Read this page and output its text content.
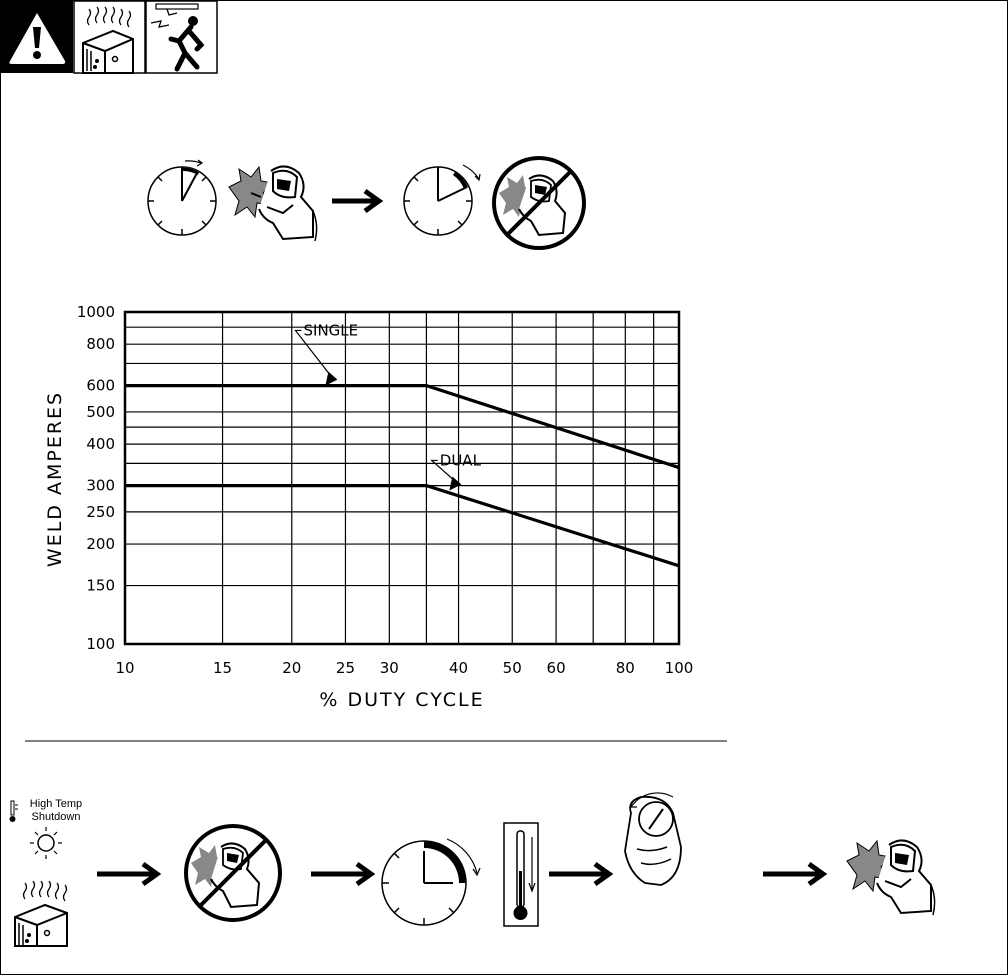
High Temp
Shutdown
SINGLE
DUAL
10	15	20 25 30	40 50 60	80 100
100
150
200
250
300
400
500
600
800
1000
% DUTY CYCLE
WELD AMPERES
